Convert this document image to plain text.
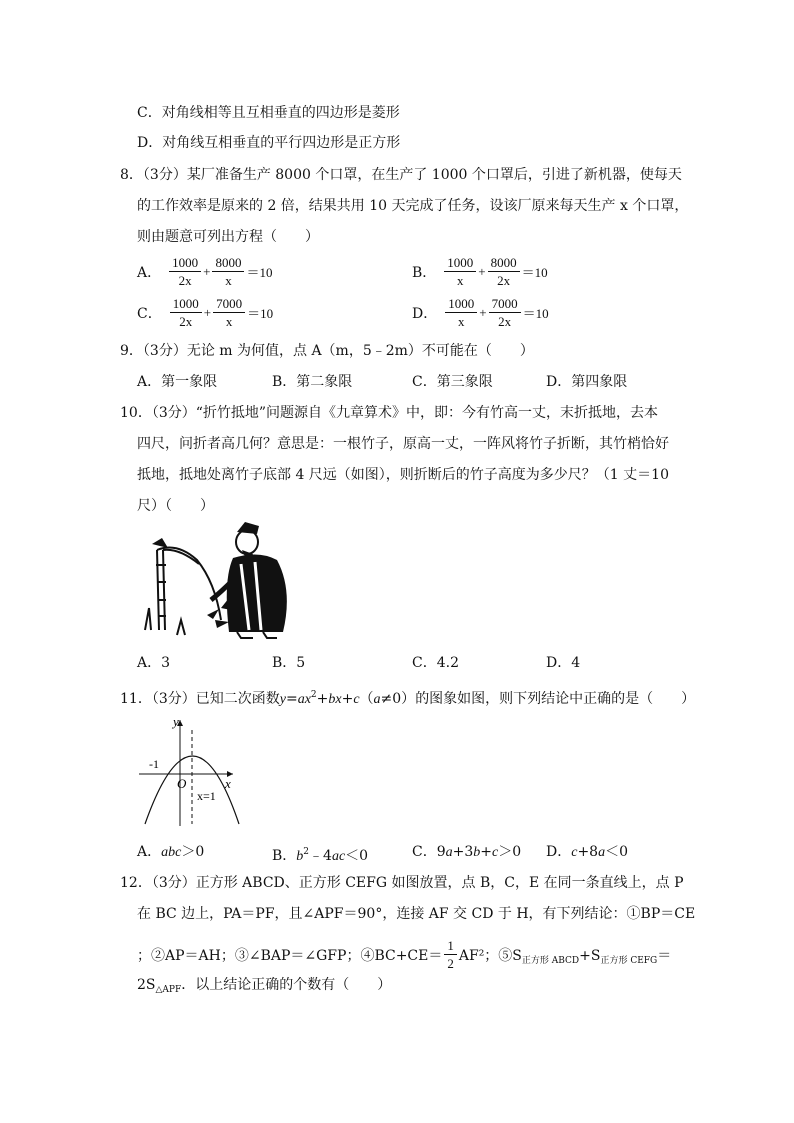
C．对角线相等且互相垂直的四边形是菱形
D．对角线互相垂直的平行四边形是正方形
8．（3分）某厂准备生产 8000 个口罩，在生产了 1000 个口罩后，引进了新机器，使每天
的工作效率是原来的 2 倍，结果共用 10 天完成了任务，设该厂原来每天生产 x 个口罩，
则由题意可列出方程（　　）
A． $\frac{1000}{2x} + \frac{8000}{x} =10$	B． $\frac{1000}{x} + \frac{8000}{2x} =10$
C． $\frac{1000}{2x} + \frac{7000}{x} =10$	D． $\frac{1000}{x} + \frac{7000}{2x} =10$
9．（3分）无论 m 为何值，点 A（m，5﹣2m）不可能在（　　）
A．第一象限	B．第二象限	C．第三象限	D．第四象限
10．（3分）“折竹抵地”问题源自《九章算术》中，即：今有竹高一丈，末折抵地，去本
四尺，问折者高几何？意思是：一根竹子，原高一丈，一阵风将竹子折断，其竹梢恰好
抵地，抵地处离竹子底部 4 尺远（如图），则折断后的竹子高度为多少尺？（1 丈＝10
尺）（　　）
A．3	B．5	C．4.2	D．4
11．（3分）已知二次函数$y=ax^2+bx+c(a\ne 0)$的图象如图，则下列结论中正确的是（　　）
y
x
O
-1
x=1
A．abc＞0	B．$b^2﹣4ac<0$	C．9a+3b+c＞0 D．c+8a＜0
12．（3分）正方形 ABCD、正方形 CEFG 如图放置，点 B，C，E 在同一条直线上，点 P
在 BC 边上，PA＝PF，且∠APF＝90°，连接 AF 交 CD 于 H，有下列结论：①BP＝CE
；②AP＝AH；③∠BAP＝∠GFP；④BC+CE＝ $\frac{1}{2} AF^2$；$⑤S_{正方形 ABCD}+S_{正方形 CEFG}=$
$2S_{\triangle APF}$．以上结论正确的个数有（　　）
